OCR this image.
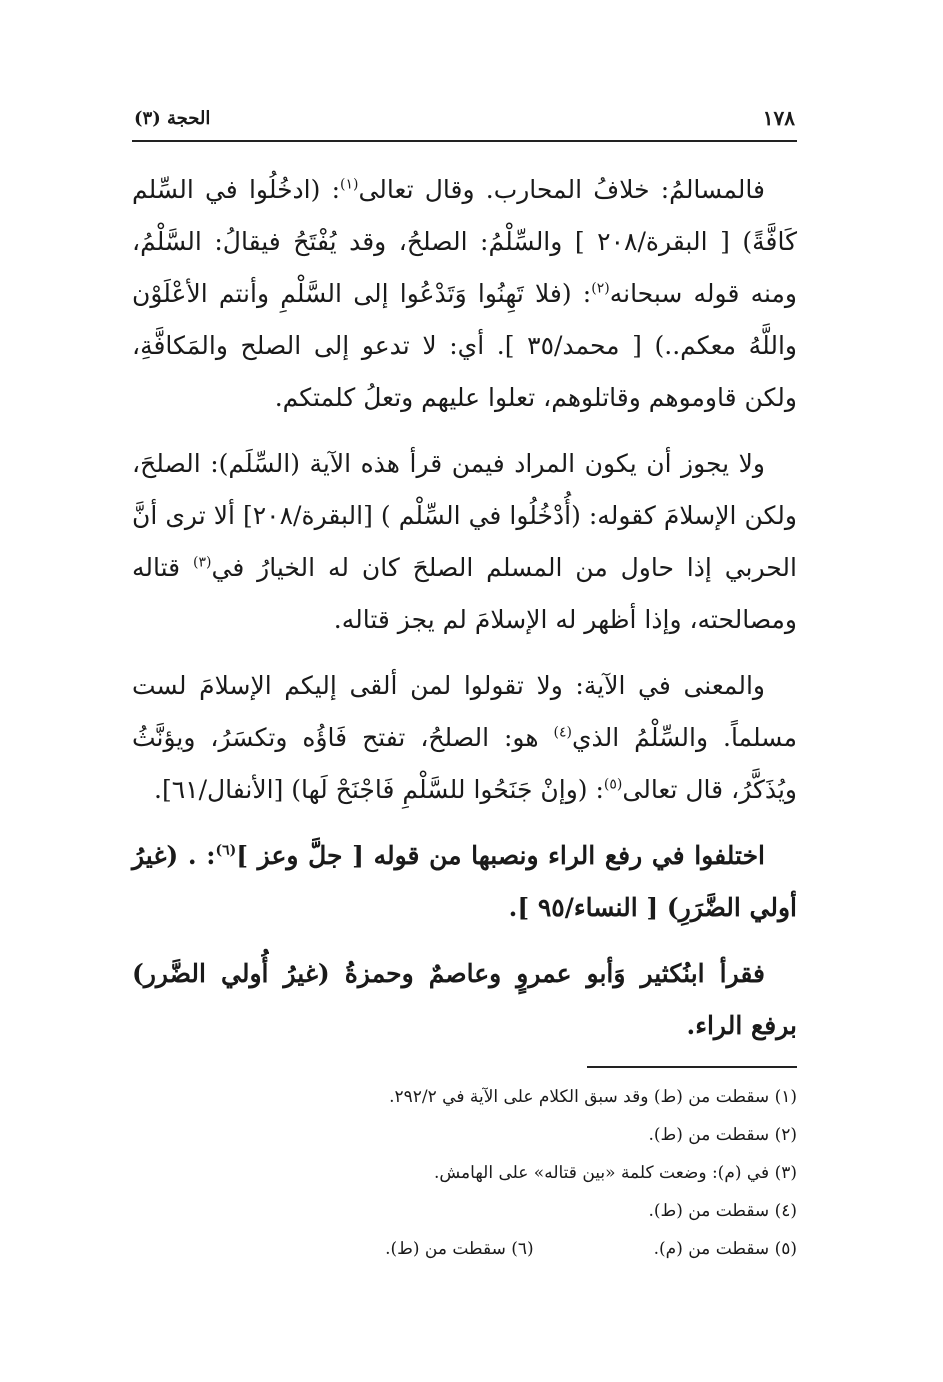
١٧٨
الحجة (٣)

فالمسالمُ: خلافُ المحارب. وقال تعالى$^{(١)}$: (ادخُلُوا في السِّلم كَافَّةً) [ البقرة/٢٠٨ ] والسِّلْمُ: الصلحُ، وقد يُفْتَحُ فيقالُ: السَّلْمُ، ومنه قوله سبحانه$^{(٢)}$: (فلا تَهِنُوا وَتَدْعُوا إلى السَّلْمِ وأنتم الأعْلَوْن واللَّهُ معكم..) [ محمد/٣٥ ]. أي: لا تدعو إلى الصلح والمَكافَّةِ، ولكن قاوموهم وقاتلوهم، تعلوا عليهم وتعلُ كلمتكم.

ولا يجوز أن يكون المراد فيمن قرأ هذه الآية (السِّلَم): الصلحَ، ولكن الإسلامَ كقوله: (أُدْخُلُوا في السِّلْم ) [البقرة/٢٠٨] ألا ترى أنَّ الحربي إذا حاول من المسلم الصلحَ كان له الخيارُ في$^{(٣)}$ قتاله ومصالحته، وإذا أظهر له الإسلامَ لم يجز قتاله.

والمعنى في الآية: ولا تقولوا لمن ألقى إليكم الإسلامَ لست مسلماً. والسِّلْمُ الذي$^{(٤)}$ هو: الصلحُ، تفتح فَاؤُه وتكسَرُ، ويؤنَّثُ ويُذَكَّرُ، قال تعالى$^{(٥)}$: (وإنْ جَنَحُوا للسَّلْمِ فَاجْنَحْ لَها) [الأنفال/٦١].

اختلفوا في رفع الراء ونصبها من قوله [ جلَّ وعز ]$^{(٦)}$: . (غيرُ أولي الضَّرَرِ) [ النساء/٩٥ ].

فقرأ ابنُكثير وَأبو عمروٍ وعاصمٌ وحمزةُ (غيرُ أُولي الضَّرر) برفع الراء.

(١) سقطت من (ط) وقد سبق الكلام على الآية في ٢٩٢/٢.
(٢) سقطت من (ط).
(٣) في (م): وضعت كلمة «بين قتاله» على الهامش.
(٤) سقطت من (ط).
(٥) سقطت من (م).
(٦) سقطت من (ط).
